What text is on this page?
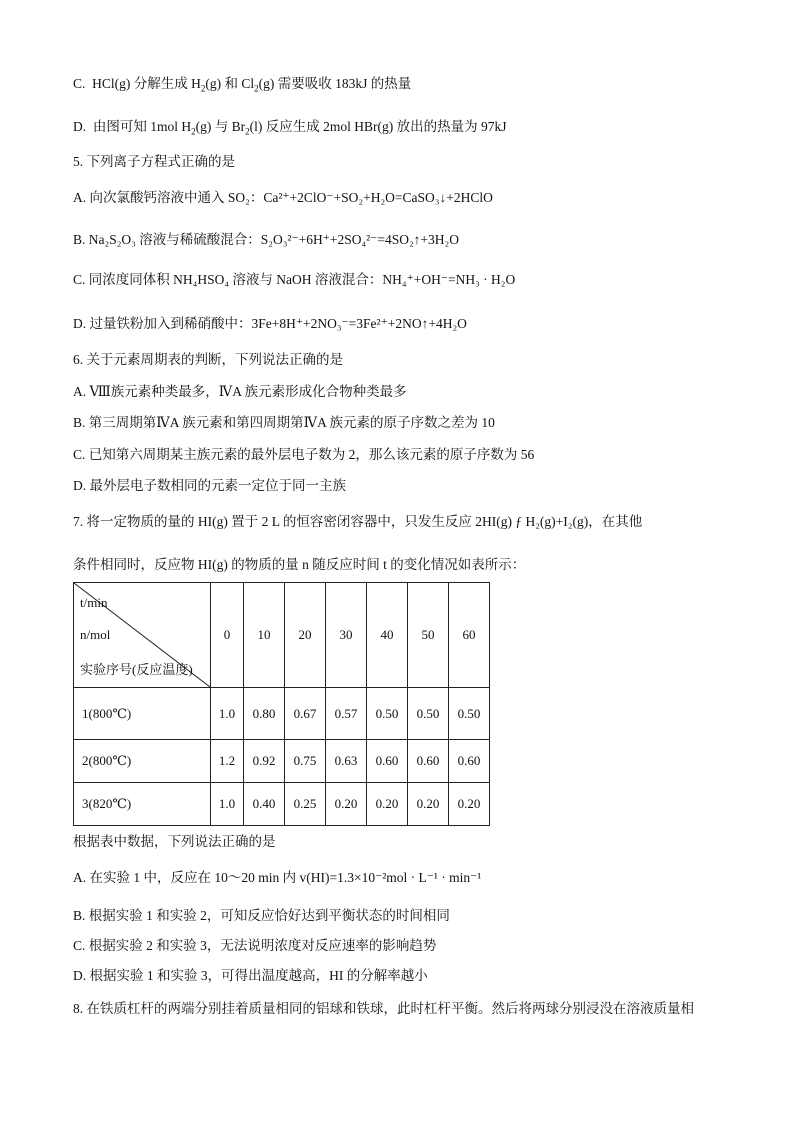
C. HCl(g) 分解生成 $H_2(g)$ 和 $Cl_2(g)$ 需要吸收 183kJ 的热量
D. 由图可知 1mol $H_2(g)$ 与 $Br_2(l)$ 反应生成 2mol HBr(g) 放出的热量为 97kJ
5. 下列离子方程式正确的是
A. 向次氯酸钙溶液中通入 SO₂：Ca²⁺+2ClO⁻+SO₂+H₂O=CaSO₃↓+2HClO
B. Na₂S₂O₃ 溶液与稀硫酸混合：S₂O₃²⁻+6H⁺+2SO₄²⁻=4SO₂↑+3H₂O
C. 同浓度同体积 NH₄HSO₄ 溶液与 NaOH 溶液混合：NH₄⁺+OH⁻=NH₃ · H₂O
D. 过量铁粉加入到稀硝酸中：3Fe+8H⁺+2NO₃⁻=3Fe²⁺+2NO↑+4H₂O
6. 关于元素周期表的判断，下列说法正确的是
A. Ⅷ族元素种类最多，ⅣA 族元素形成化合物种类最多
B. 第三周期第ⅣA 族元素和第四周期第ⅣA 族元素的原子序数之差为 10
C. 已知第六周期某主族元素的最外层电子数为 2，那么该元素的原子序数为 56
D. 最外层电子数相同的元素一定位于同一主族
7. 将一定物质的量的 HI(g) 置于 2 L 的恒容密闭容器中，只发生反应 2HI(g) ƒ H₂(g)+I₂(g)，在其他
条件相同时，反应物 HI(g) 的物质的量 n 随反应时间 t 的变化情况如表所示：
t/min
n/mol
实验序号(反应温度)	0	10	20	30	40	50	60
1(800℃)	1.0	0.80	0.67	0.57	0.50	0.50	0.50
2(800℃)	1.2	0.92	0.75	0.63	0.60	0.60	0.60
3(820℃)	1.0	0.40	0.25	0.20	0.20	0.20	0.20
根据表中数据，下列说法正确的是
A. 在实验 1 中，反应在 10～20 min 内 v(HI)=1.3×10⁻²mol · L⁻¹ · min⁻¹
B. 根据实验 1 和实验 2，可知反应恰好达到平衡状态的时间相同
C. 根据实验 2 和实验 3，无法说明浓度对反应速率的影响趋势
D. 根据实验 1 和实验 3，可得出温度越高，HI 的分解率越小
8. 在铁质杠杆的两端分别挂着质量相同的铝球和铁球，此时杠杆平衡。然后将两球分别浸没在溶液质量相
